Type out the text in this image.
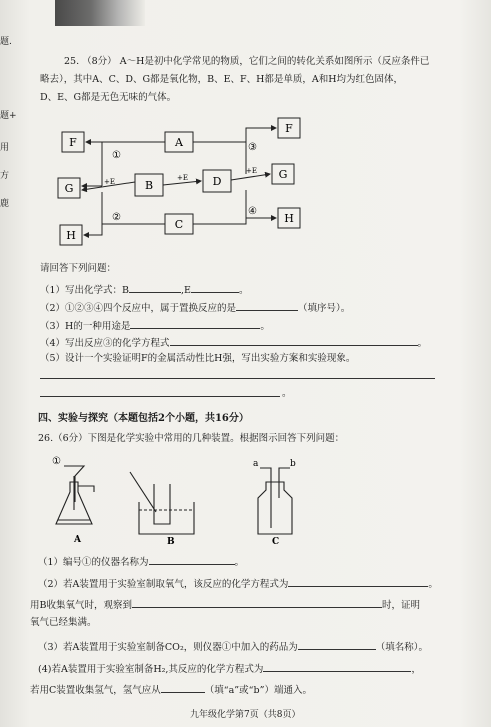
题.
题+
用
方
鹿
25. （8分） A～H是初中化学常见的物质，它们之间的转化关系如图所示（反应条件已
略去），其中A、C、D、G都是氧化物，B、E、F、H都是单质，A和H均为红色固体，
D、E、G都是无色无味的气体。
F	A
F
G	B	D
G
H
C	H
①
②
③
④
+E	+E
+E
请回答下列问题：
（1）写出化学式：B	,E	。
（2）①②③④四个反应中，属于置换反应的是	（填序号）。
（3）H的一种用途是	。
（4）写出反应③的化学方程式	。
（5）设计一个实验证明F的金属活动性比H强，写出实验方案和实验现象。
。
四、实验与探究（本题包括2个小题，共16分）
26.（6分）下图是化学实验中常用的几种装置。根据图示回答下列问题：
①
A	B	C
a	b
（1）编号①的仪器名称为	。
（2）若A装置用于实验室制取氧气，该反应的化学方程式为	。
用B收集氧气时，观察到	时，证明
氧气已经集满。
（3）若A装置用于实验室制备CO₂，则仪器①中加入的药品为	（填名称）。
(4)若A装置用于实验室制备H₂,其反应的化学方程式为	，
若用C装置收集氢气，氢气应从	（填“a”或“b”）端通入。
九年级化学第7页（共8页）
